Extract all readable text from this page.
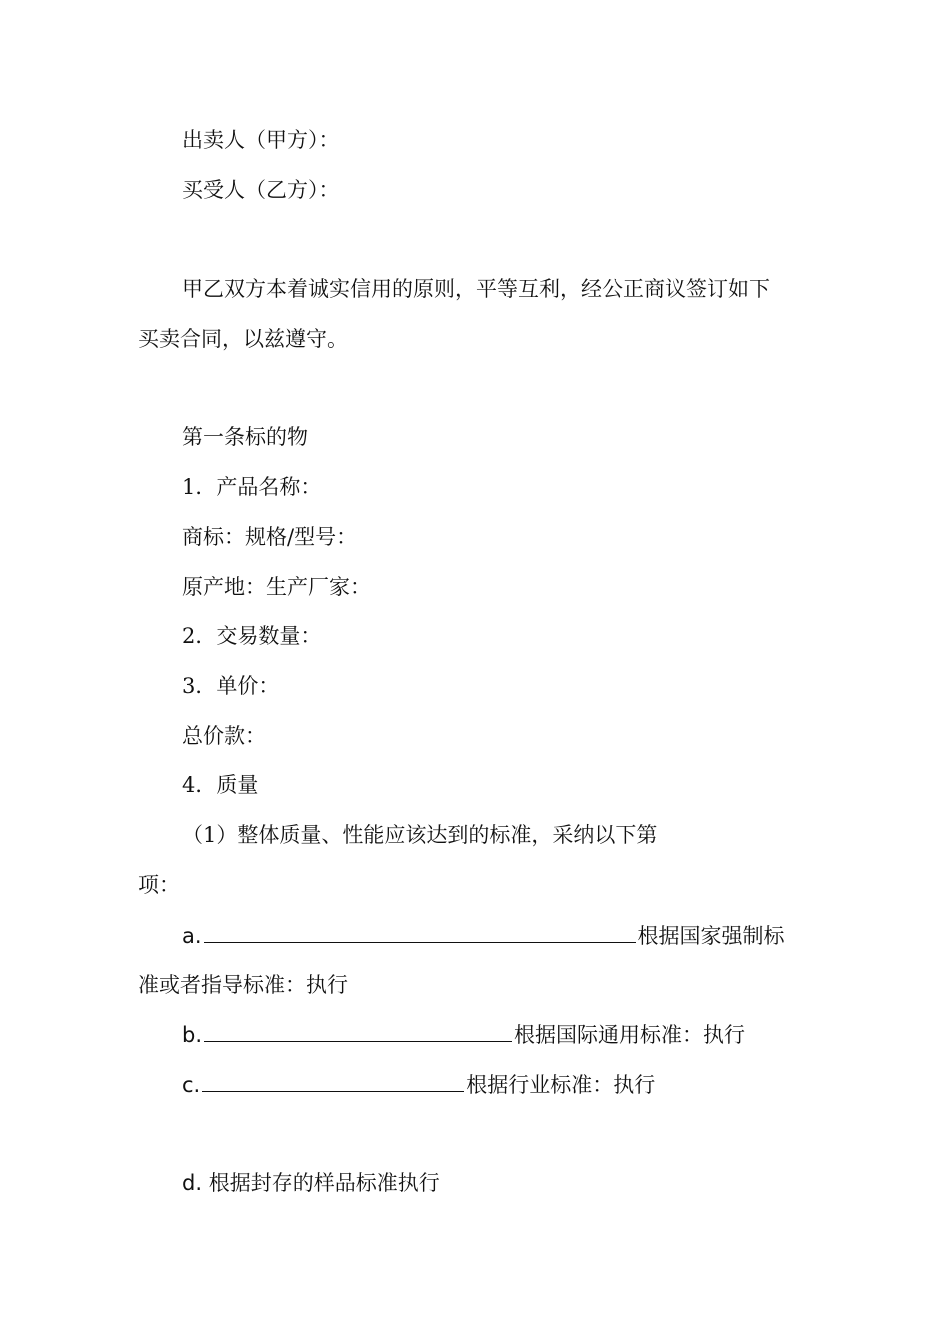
出卖人（甲方）：
买受人（乙方）：
甲乙双方本着诚实信用的原则，平等互利，经公正商议签订如下
买卖合同，以兹遵守。
第一条标的物
1．产品名称：
商标：规格/型号：
原产地：生产厂家：
2．交易数量：
3．单价：
总价款：
4．质量
（1）整体质量、性能应该达到的标准，采纳以下第
项：
a.	根据国家强制标
准或者指导标准：执行
b.	根据国际通用标准：执行
c.	根据行业标准：执行
d. 根据封存的样品标准执行
